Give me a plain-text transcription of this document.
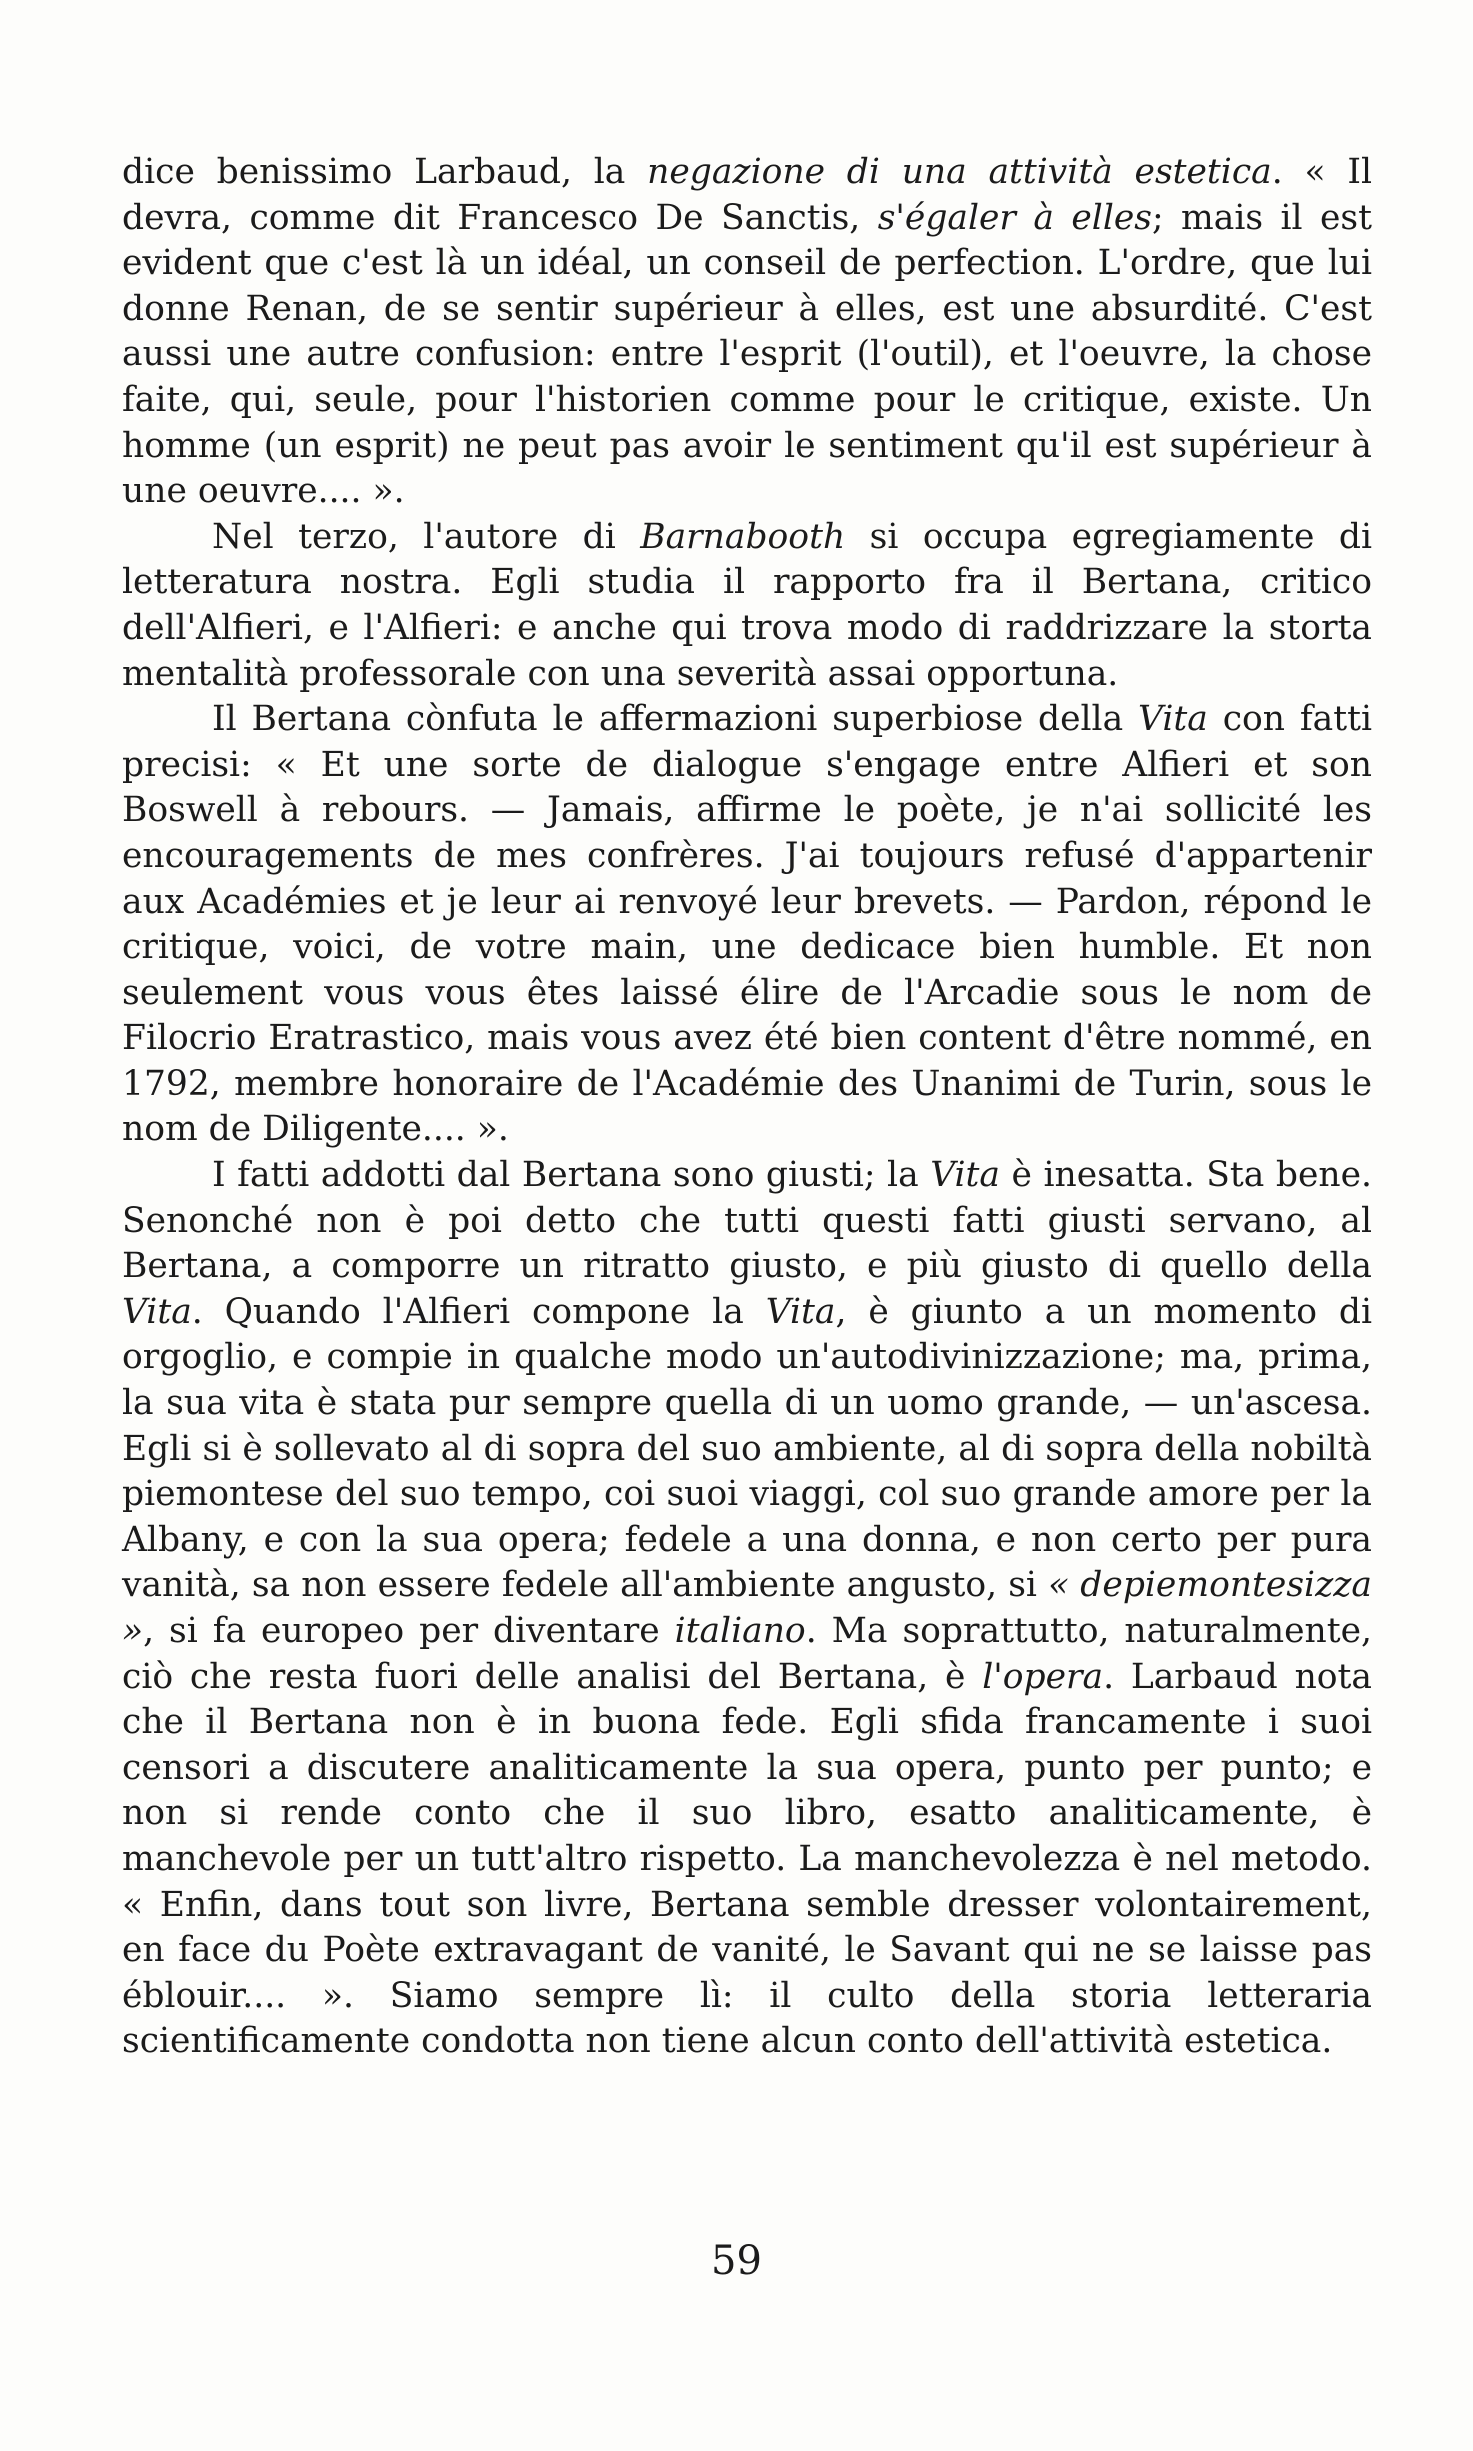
dice benissimo Larbaud, la negazione di una attività estetica. « Il devra, comme dit Francesco De Sanctis, s'égaler à elles; mais il est evident que c'est là un idéal, un conseil de perfection. L'ordre, que lui donne Renan, de se sentir supérieur à elles, est une absurdité. C'est aussi une autre confusion: entre l'esprit (l'outil), et l'oeuvre, la chose faite, qui, seule, pour l'historien comme pour le critique, existe. Un homme (un esprit) ne peut pas avoir le sentiment qu'il est supérieur à une oeuvre.... ».

Nel terzo, l'autore di Barnabooth si occupa egregiamente di letteratura nostra. Egli studia il rapporto fra il Bertana, critico dell'Alfieri, e l'Alfieri: e anche qui trova modo di raddrizzare la storta mentalità professorale con una severità assai opportuna.

Il Bertana cònfuta le affermazioni superbiose della Vita con fatti precisi: « Et une sorte de dialogue s'engage entre Alfieri et son Boswell à rebours. — Jamais, affirme le poète, je n'ai sollicité les encouragements de mes confrères. J'ai toujours refusé d'appartenir aux Académies et je leur ai renvoyé leur brevets. — Pardon, répond le critique, voici, de votre main, une dedicace bien humble. Et non seulement vous vous êtes laissé élire de l'Arcadie sous le nom de Filocrio Eratrastico, mais vous avez été bien content d'être nommé, en 1792, membre honoraire de l'Académie des Unanimi de Turin, sous le nom de Diligente.... ».

I fatti addotti dal Bertana sono giusti; la Vita è inesatta. Sta bene. Senonché non è poi detto che tutti questi fatti giusti servano, al Bertana, a comporre un ritratto giusto, e più giusto di quello della Vita. Quando l'Alfieri compone la Vita, è giunto a un momento di orgoglio, e compie in qualche modo un'autodivinizzazione; ma, prima, la sua vita è stata pur sempre quella di un uomo grande, — un'ascesa. Egli si è sollevato al di sopra del suo ambiente, al di sopra della nobiltà piemontese del suo tempo, coi suoi viaggi, col suo grande amore per la Albany, e con la sua opera; fedele a una donna, e non certo per pura vanità, sa non essere fedele all'ambiente angusto, si « depiemontesizza », si fa europeo per diventare italiano. Ma soprattutto, naturalmente, ciò che resta fuori delle analisi del Bertana, è l'opera. Larbaud nota che il Bertana non è in buona fede. Egli sfida francamente i suoi censori a discutere analiticamente la sua opera, punto per punto; e non si rende conto che il suo libro, esatto analiticamente, è manchevole per un tutt'altro rispetto. La manchevolezza è nel metodo. « Enfin, dans tout son livre, Bertana semble dresser volontairement, en face du Poète extravagant de vanité, le Savant qui ne se laisse pas éblouir.... ». Siamo sempre lì: il culto della storia letteraria scientificamente condotta non tiene alcun conto dell'attività estetica.

59
